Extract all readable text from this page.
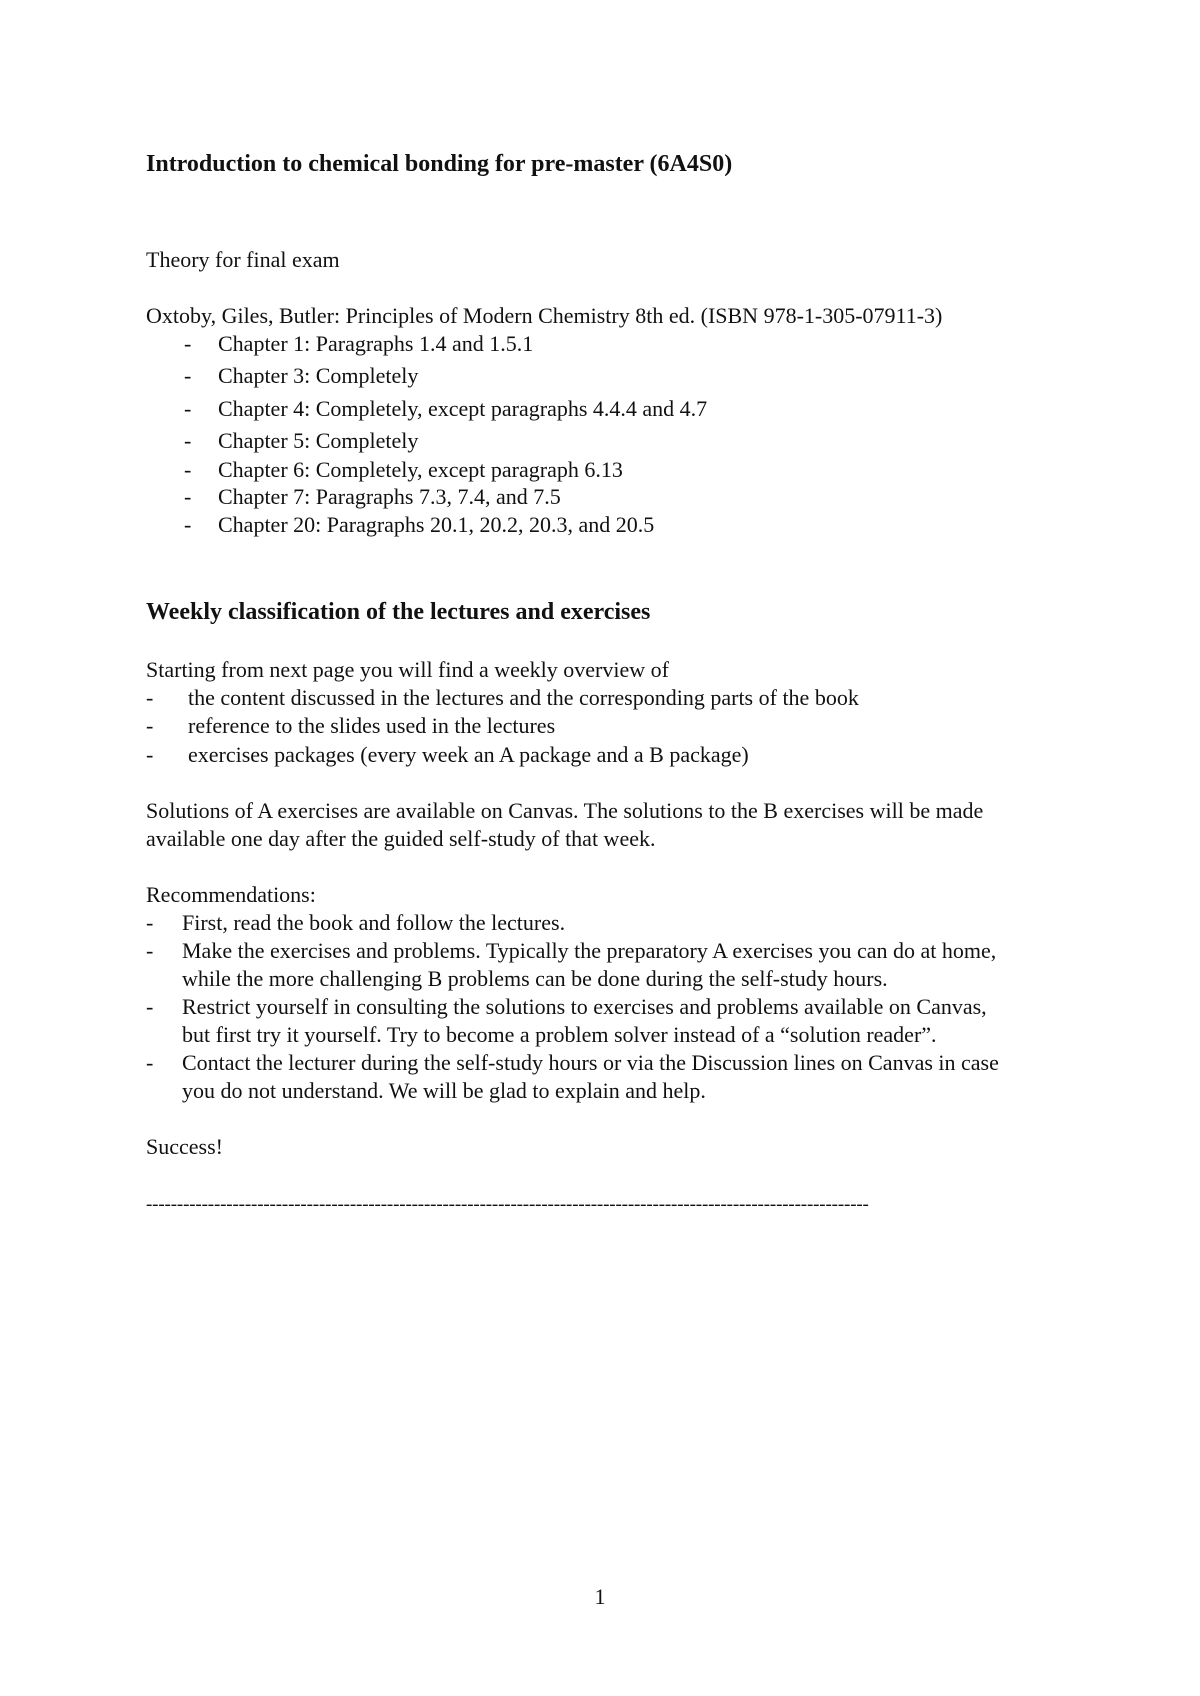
Introduction to chemical bonding for pre-master (6A4S0)
Theory for final exam
Oxtoby, Giles, Butler: Principles of Modern Chemistry 8th ed. (ISBN 978-1-305-07911-3)
- Chapter 1: Paragraphs 1.4 and 1.5.1
- Chapter 3: Completely
- Chapter 4: Completely, except paragraphs 4.4.4 and 4.7
- Chapter 5: Completely
- Chapter 6: Completely, except paragraph 6.13
- Chapter 7: Paragraphs 7.3, 7.4, and 7.5
- Chapter 20: Paragraphs 20.1, 20.2, 20.3, and 20.5
Weekly classification of the lectures and exercises
Starting from next page you will find a weekly overview of
- the content discussed in the lectures and the corresponding parts of the book
- reference to the slides used in the lectures
- exercises packages (every week an A package and a B package)
Solutions of A exercises are available on Canvas. The solutions to the B exercises will be made
available one day after the guided self-study of that week.
Recommendations:
- First, read the book and follow the lectures.
- Make the exercises and problems. Typically the preparatory A exercises you can do at home,
while the more challenging B problems can be done during the self-study hours.
- Restrict yourself in consulting the solutions to exercises and problems available on Canvas,
but first try it yourself. Try to become a problem solver instead of a “solution reader”.
- Contact the lecturer during the self-study hours or via the Discussion lines on Canvas in case
you do not understand. We will be glad to explain and help.
Success!
---------------------------------------------------------------------------------------------------------------------
1
